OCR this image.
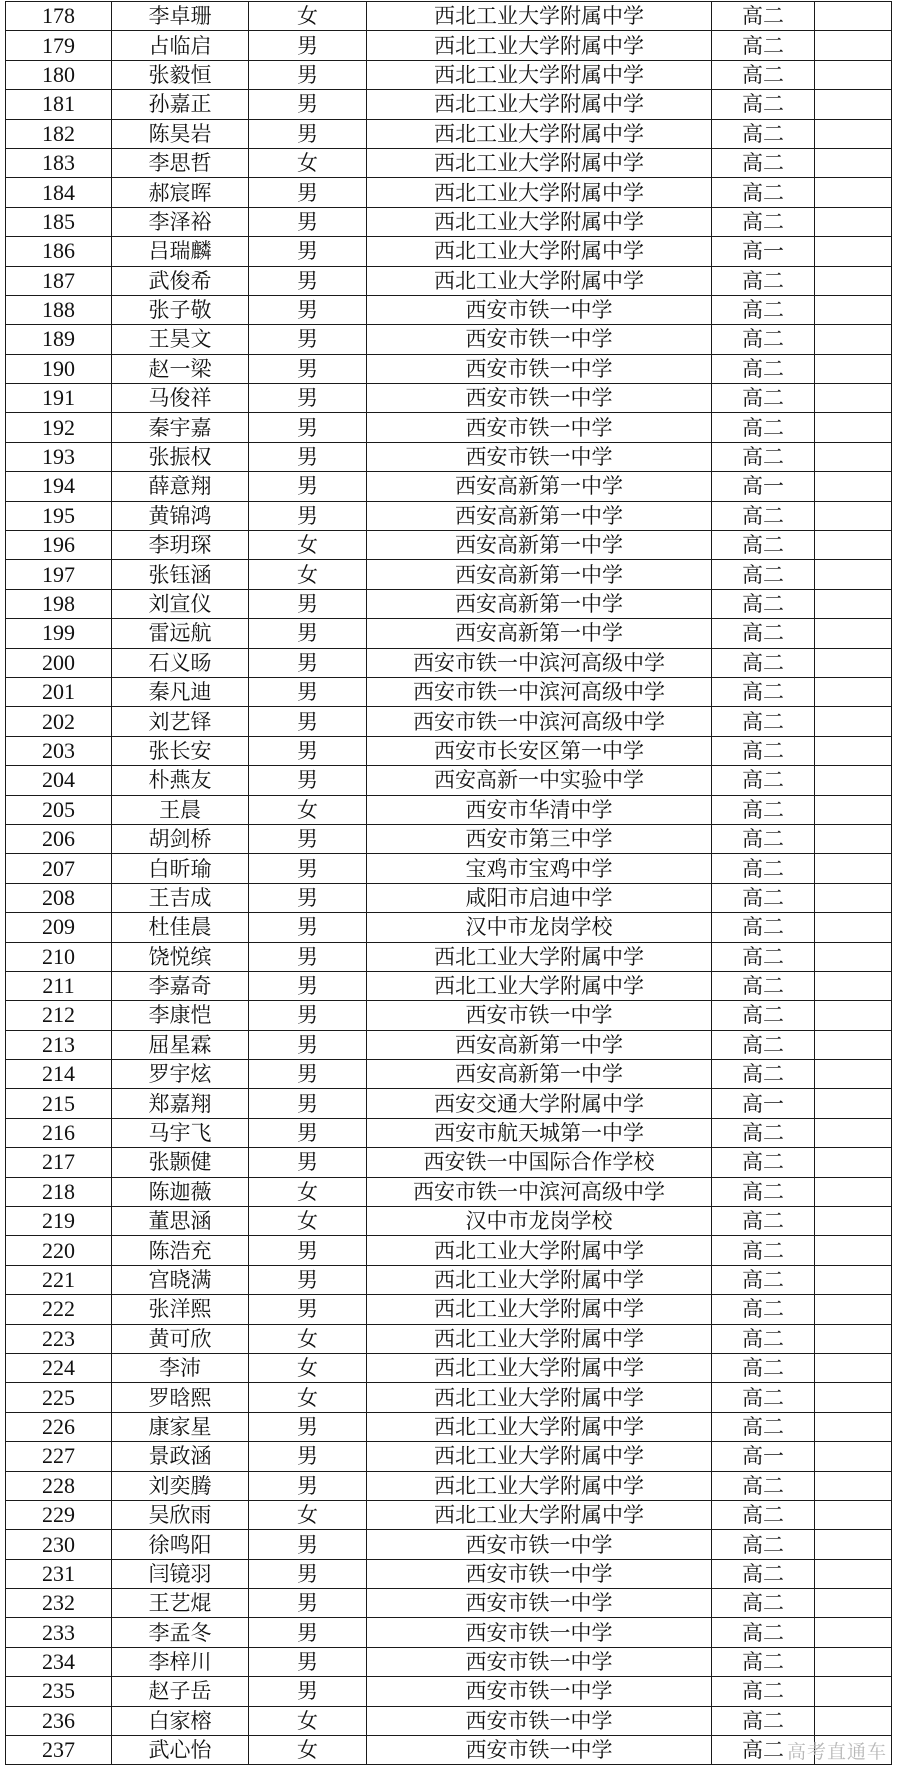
178	李卓珊	女	西北工业大学附属中学	高二	
179	占临启	男	西北工业大学附属中学	高二	
180	张毅恒	男	西北工业大学附属中学	高二	
181	孙嘉正	男	西北工业大学附属中学	高二	
182	陈昊岩	男	西北工业大学附属中学	高二	
183	李思哲	女	西北工业大学附属中学	高二	
184	郝宸晖	男	西北工业大学附属中学	高二	
185	李泽裕	男	西北工业大学附属中学	高二	
186	吕瑞麟	男	西北工业大学附属中学	高一	
187	武俊希	男	西北工业大学附属中学	高二	
188	张子敬	男	西安市铁一中学	高二	
189	王昊文	男	西安市铁一中学	高二	
190	赵一梁	男	西安市铁一中学	高二	
191	马俊祥	男	西安市铁一中学	高二	
192	秦宇嘉	男	西安市铁一中学	高二	
193	张振权	男	西安市铁一中学	高二	
194	薛意翔	男	西安高新第一中学	高一	
195	黄锦鸿	男	西安高新第一中学	高二	
196	李玥琛	女	西安高新第一中学	高二	
197	张钰涵	女	西安高新第一中学	高二	
198	刘宣仪	男	西安高新第一中学	高二	
199	雷远航	男	西安高新第一中学	高二	
200	石义旸	男	西安市铁一中滨河高级中学	高二	
201	秦凡迪	男	西安市铁一中滨河高级中学	高二	
202	刘艺铎	男	西安市铁一中滨河高级中学	高二	
203	张长安	男	西安市长安区第一中学	高二	
204	朴燕友	男	西安高新一中实验中学	高二	
205	王晨	女	西安市华清中学	高二	
206	胡剑桥	男	西安市第三中学	高二	
207	白昕瑜	男	宝鸡市宝鸡中学	高二	
208	王吉成	男	咸阳市启迪中学	高二	
209	杜佳晨	男	汉中市龙岗学校	高二	
210	饶悦缤	男	西北工业大学附属中学	高二	
211	李嘉奇	男	西北工业大学附属中学	高二	
212	李康恺	男	西安市铁一中学	高二	
213	屈星霖	男	西安高新第一中学	高二	
214	罗宇炫	男	西安高新第一中学	高二	
215	郑嘉翔	男	西安交通大学附属中学	高一	
216	马宇飞	男	西安市航天城第一中学	高二	
217	张颢健	男	西安铁一中国际合作学校	高二	
218	陈迦薇	女	西安市铁一中滨河高级中学	高二	
219	董思涵	女	汉中市龙岗学校	高二	
220	陈浩充	男	西北工业大学附属中学	高二	
221	宫晓满	男	西北工业大学附属中学	高二	
222	张洋熙	男	西北工业大学附属中学	高二	
223	黄可欣	女	西北工业大学附属中学	高二	
224	李沛	女	西北工业大学附属中学	高二	
225	罗晗熙	女	西北工业大学附属中学	高二	
226	康家星	男	西北工业大学附属中学	高二	
227	景政涵	男	西北工业大学附属中学	高一	
228	刘奕腾	男	西北工业大学附属中学	高二	
229	吴欣雨	女	西北工业大学附属中学	高二	
230	徐鸣阳	男	西安市铁一中学	高二	
231	闫镜羽	男	西安市铁一中学	高二	
232	王艺焜	男	西安市铁一中学	高二	
233	李孟冬	男	西安市铁一中学	高二	
234	李梓川	男	西安市铁一中学	高二	
235	赵子岳	男	西安市铁一中学	高二	
236	白家榕	女	西安市铁一中学	高二	
237	武心怡	女	西安市铁一中学	高二	高考直通车
